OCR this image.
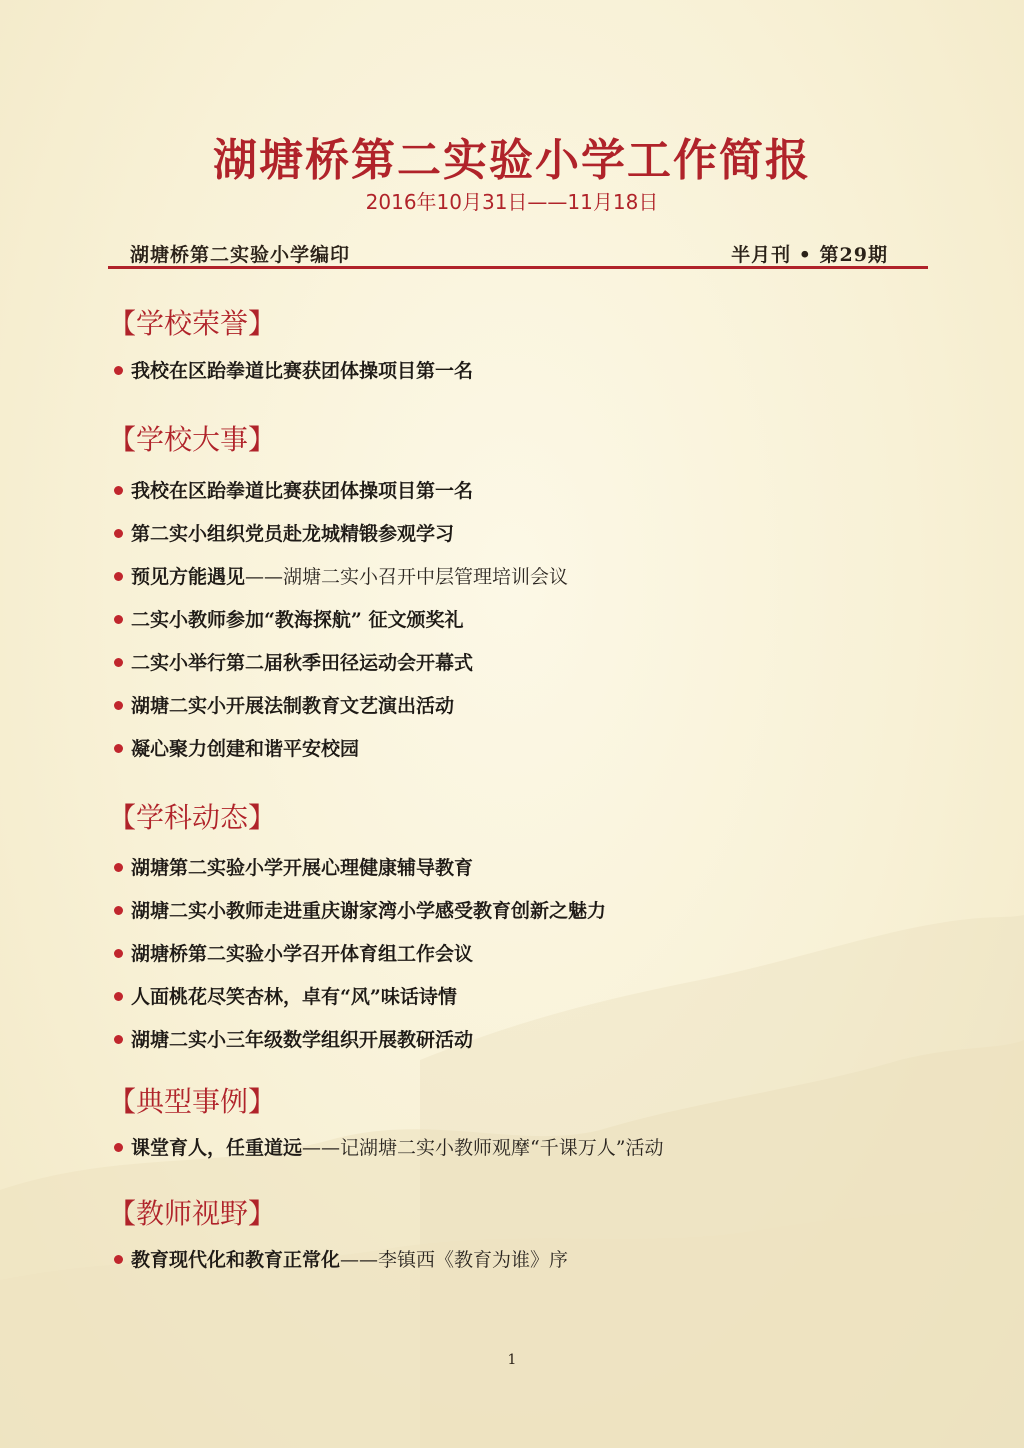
湖塘桥第二实验小学工作简报
2016年10月31日——11月18日
湖塘桥第二实验小学编印	半月刊 • 第29期
【学校荣誉】
我校在区跆拳道比赛获团体操项目第一名
【学校大事】
我校在区跆拳道比赛获团体操项目第一名
第二实小组织党员赴龙城精锻参观学习
预见方能遇见——湖塘二实小召开中层管理培训会议
二实小教师参加“教海探航” 征文颁奖礼
二实小举行第二届秋季田径运动会开幕式
湖塘二实小开展法制教育文艺演出活动
凝心聚力创建和谐平安校园
【学科动态】
湖塘第二实验小学开展心理健康辅导教育
湖塘二实小教师走进重庆谢家湾小学感受教育创新之魅力
湖塘桥第二实验小学召开体育组工作会议
人面桃花尽笑杏林，卓有“风”味话诗情
湖塘二实小三年级数学组织开展教研活动
【典型事例】
课堂育人，任重道远——记湖塘二实小教师观摩“千课万人”活动
【教师视野】
教育现代化和教育正常化——李镇西《教育为谁》序
1
